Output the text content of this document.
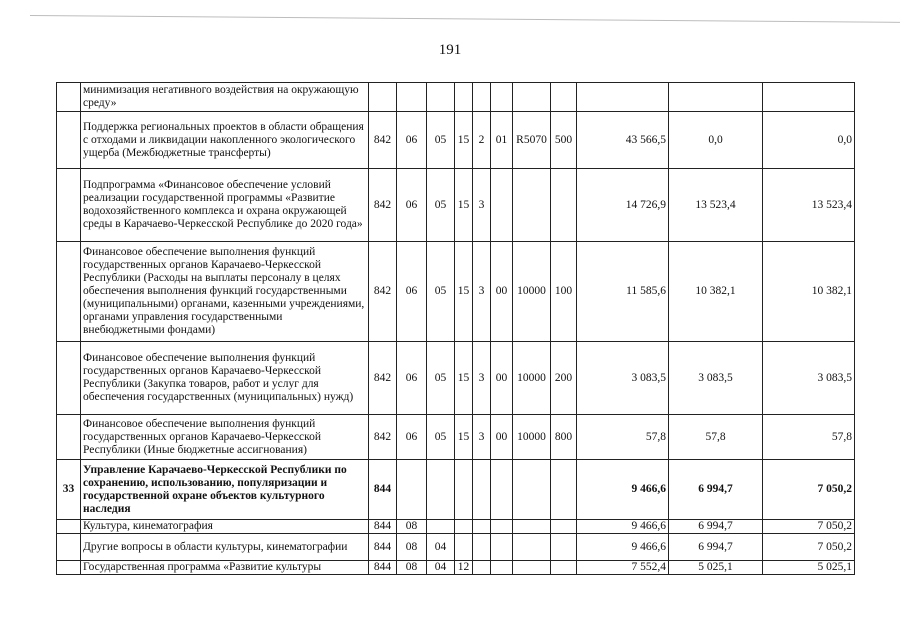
191
	минимизация негативного воздействия на окружающую среду»											
	Поддержка региональных проектов в области обращения с отходами и ликвидации накопленного экологического ущерба (Межбюджетные трансферты)	842	06	05	15	2	01	R5070	500	43 566,5	0,0	0,0
	Подпрограмма «Финансовое обеспечение условий реализации государственной программы «Развитие водохозяйственного комплекса и охрана окружающей среды в Карачаево-Черкесской Республике до 2020 года»	842	06	05	15	3				14 726,9	13 523,4	13 523,4
	Финансовое обеспечение выполнения функций государственных органов Карачаево-Черкесской Республики (Расходы на выплаты персоналу в целях обеспечения выполнения функций государственными (муниципальными) органами, казенными учреждениями, органами управления государственными внебюджетными фондами)	842	06	05	15	3	00	10000	100	11 585,6	10 382,1	10 382,1
	Финансовое обеспечение выполнения функций государственных органов Карачаево-Черкесской Республики (Закупка товаров, работ и услуг для обеспечения государственных (муниципальных) нужд)	842	06	05	15	3	00	10000	200	3 083,5	3 083,5	3 083,5
	Финансовое обеспечение выполнения функций государственных органов Карачаево-Черкесской Республики (Иные бюджетные ассигнования)	842	06	05	15	3	00	10000	800	57,8	57,8	57,8
33	Управление Карачаево-Черкесской Республики по сохранению, использованию, популяризации и государственной охране объектов культурного наследия	844								9 466,6	6 994,7	7 050,2
	Культура, кинематография	844	08							9 466,6	6 994,7	7 050,2
	Другие вопросы в области культуры, кинематографии	844	08	04						9 466,6	6 994,7	7 050,2
	Государственная программа «Развитие культуры	844	08	04	12					7 552,4	5 025,1	5 025,1
